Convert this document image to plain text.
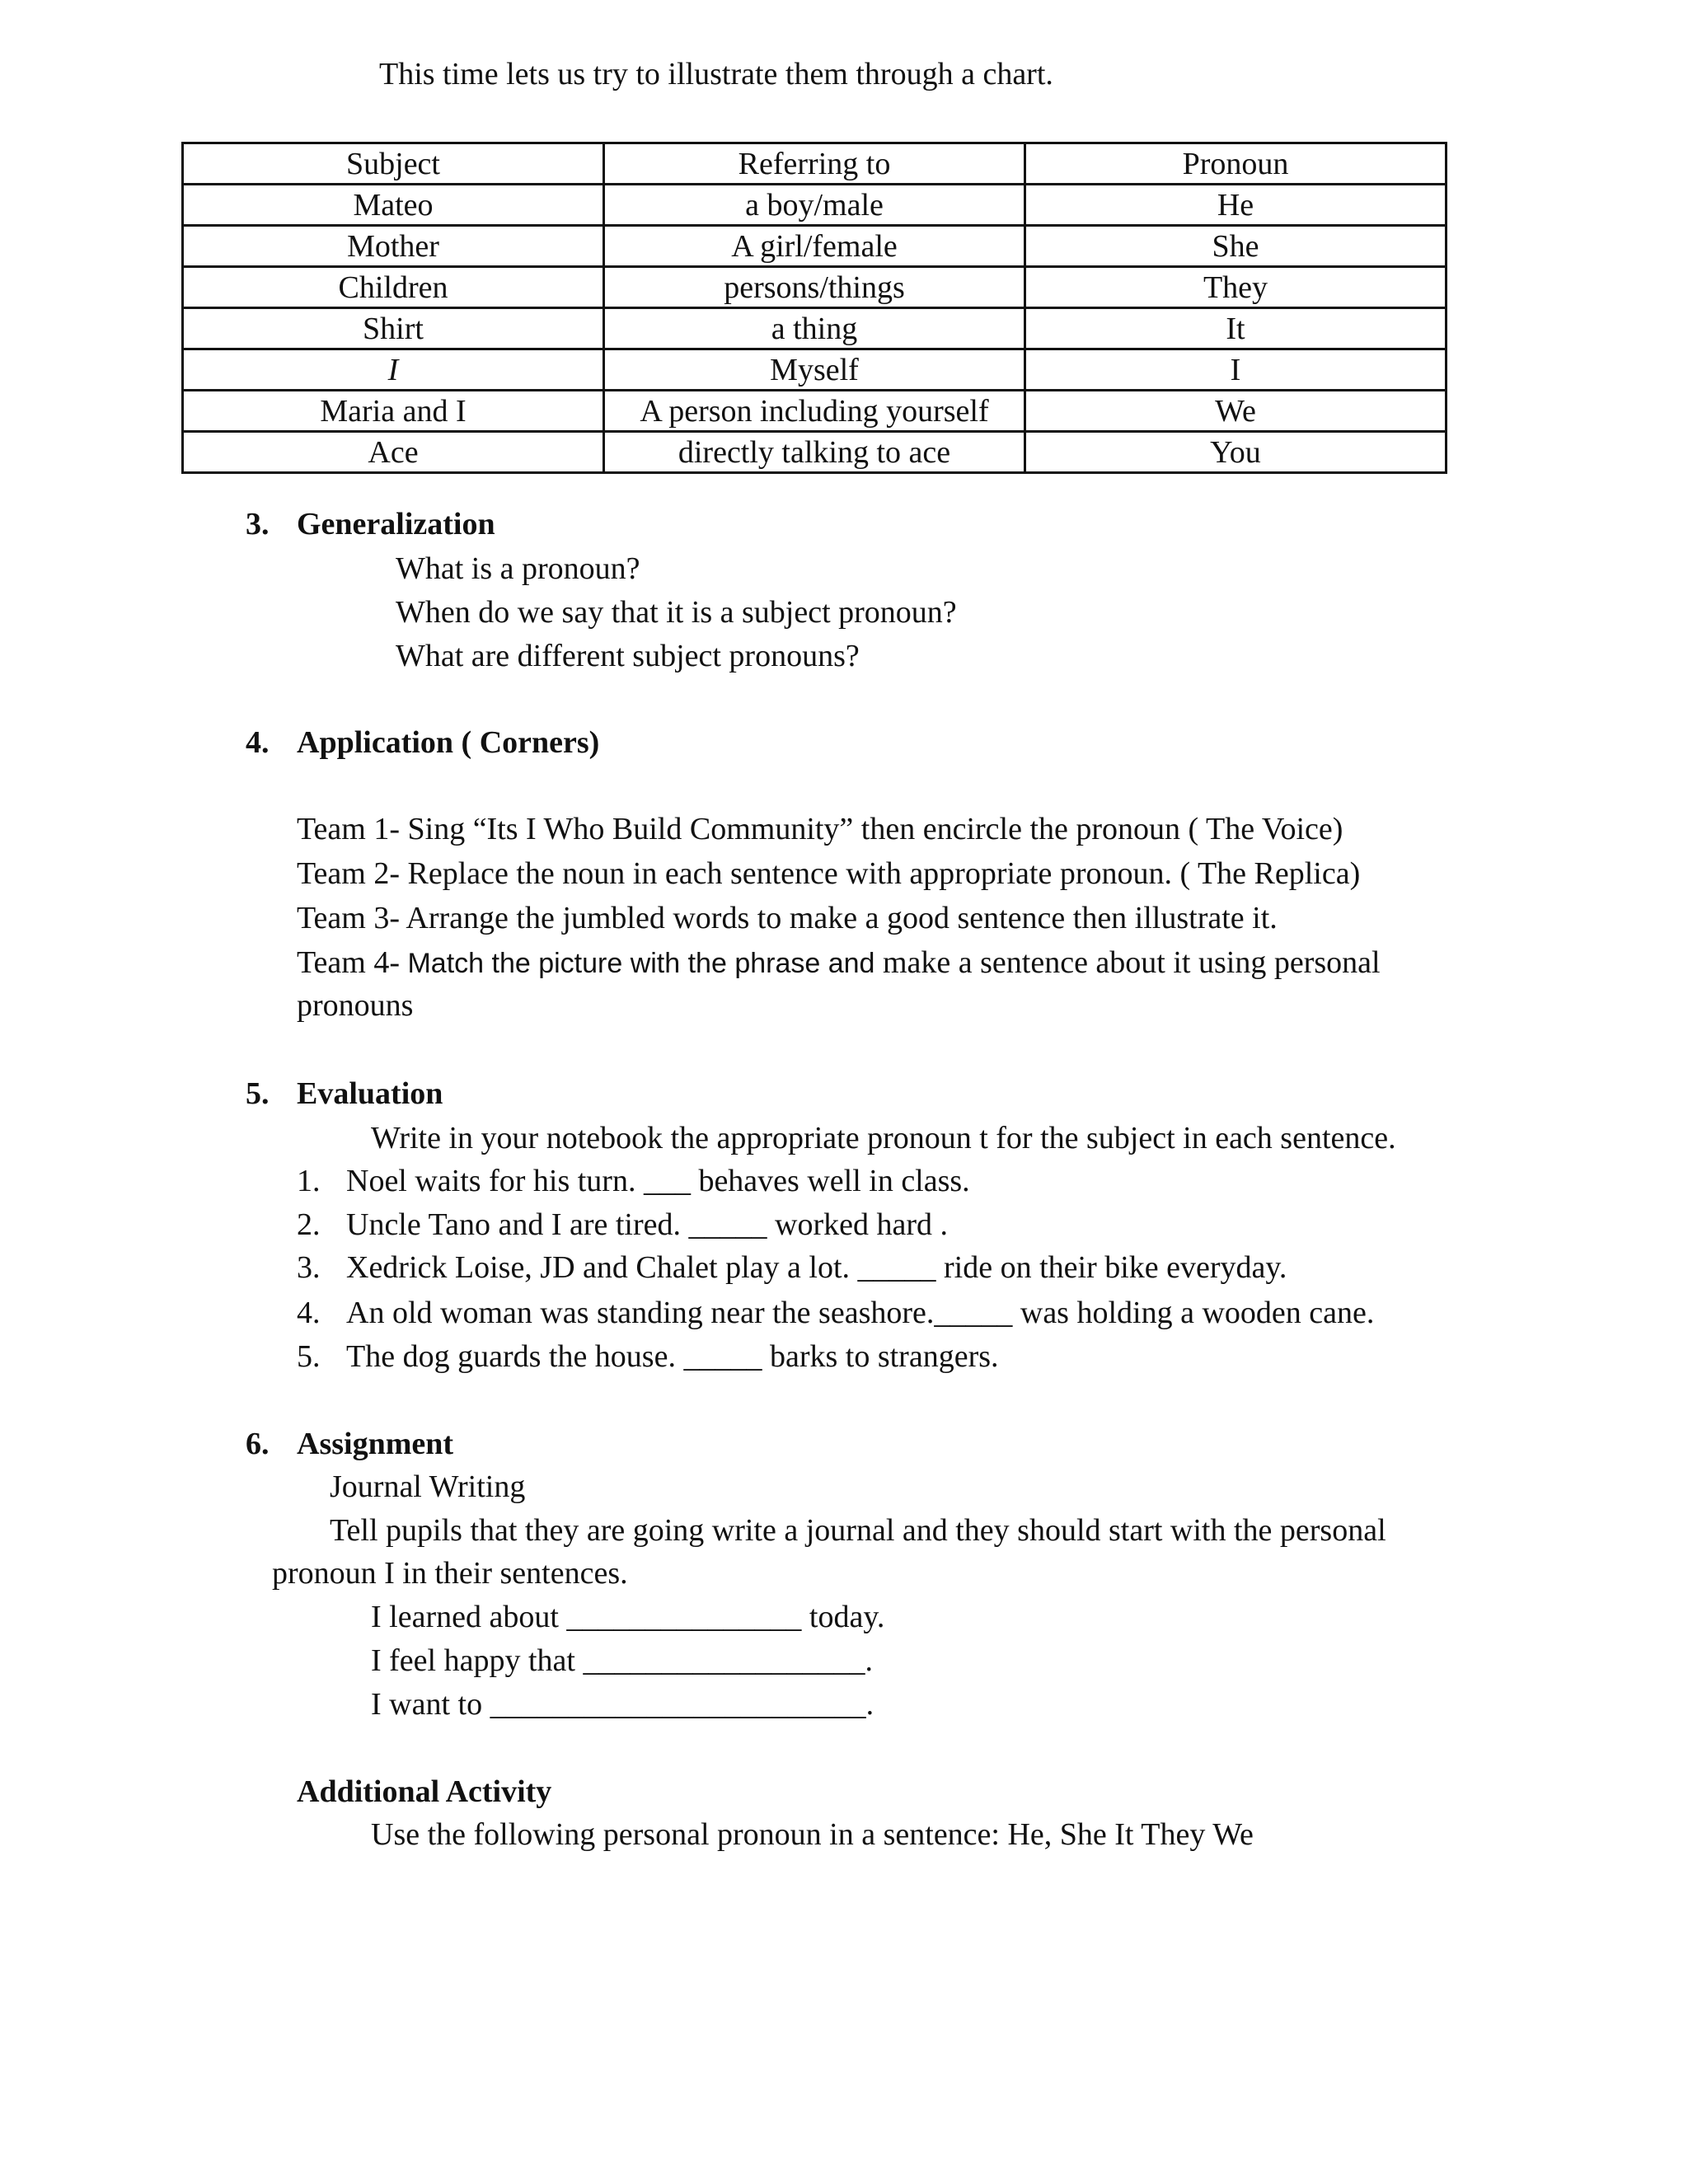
This time lets us try to illustrate them through a chart.
Subject	Referring to	Pronoun
Mateo	a boy/male	He
Mother	A girl/female	She
Children	persons/things	They
Shirt	a thing	It
I	Myself	I
Maria and I	A person including yourself	We
Ace	directly talking to ace	You
3. Generalization
What is a pronoun?
When do we say that it is a subject pronoun?
What are different subject pronouns?
4. Application ( Corners)
Team 1- Sing “Its I Who Build Community” then encircle the pronoun ( The Voice)
Team 2- Replace the noun in each sentence with appropriate pronoun. ( The Replica)
Team 3- Arrange the jumbled words to make a good sentence then illustrate it.
Team 4- Match the picture with the phrase and make a sentence about it using personal
pronouns
5. Evaluation
Write in your notebook the appropriate pronoun t for the subject in each sentence.
1. Noel waits for his turn. ___ behaves well in class.
2. Uncle Tano and I are tired. _____ worked hard .
3. Xedrick Loise, JD and Chalet play a lot. _____ ride on their bike everyday.
4. An old woman was standing near the seashore._____ was holding a wooden cane.
5. The dog guards the house. _____ barks to strangers.
6. Assignment
Journal Writing
Tell pupils that they are going write a journal and they should start with the personal
pronoun I in their sentences.
I learned about _______________ today.
I feel happy that __________________.
I want to ________________________.
Additional Activity
Use the following personal pronoun in a sentence: He, She It They We
